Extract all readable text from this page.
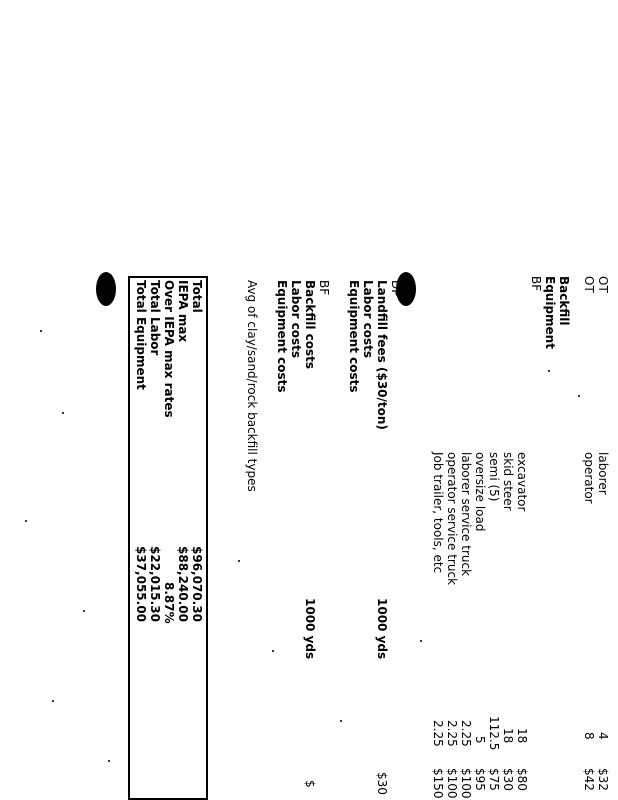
OT
laborer
4
$32
OT
operator
8
$42
Backfill
Equipment
BF
excavator
18
$80
skid steer
18
$30
semi (5)
112.5
$75
oversize load
5
$95
laborer service truck
2.25
$100
operator service truck
2.25
$100
Job trailer, tools, etc
2.25
$150
DP
Landfill fees ($30/ton)
1000 yds
$30
Labor costs
Equipment costs
BF
Backfill costs
1000 yds
$
Labor costs
Equipment costs
Avg of clay/sand/rock backfill types
Total
$96,070.30
IEPA max
$88,240.00
Over IEPA max rates
8.87%
Total Labor
$22,015.30
Total Equipment
$37,055.00
